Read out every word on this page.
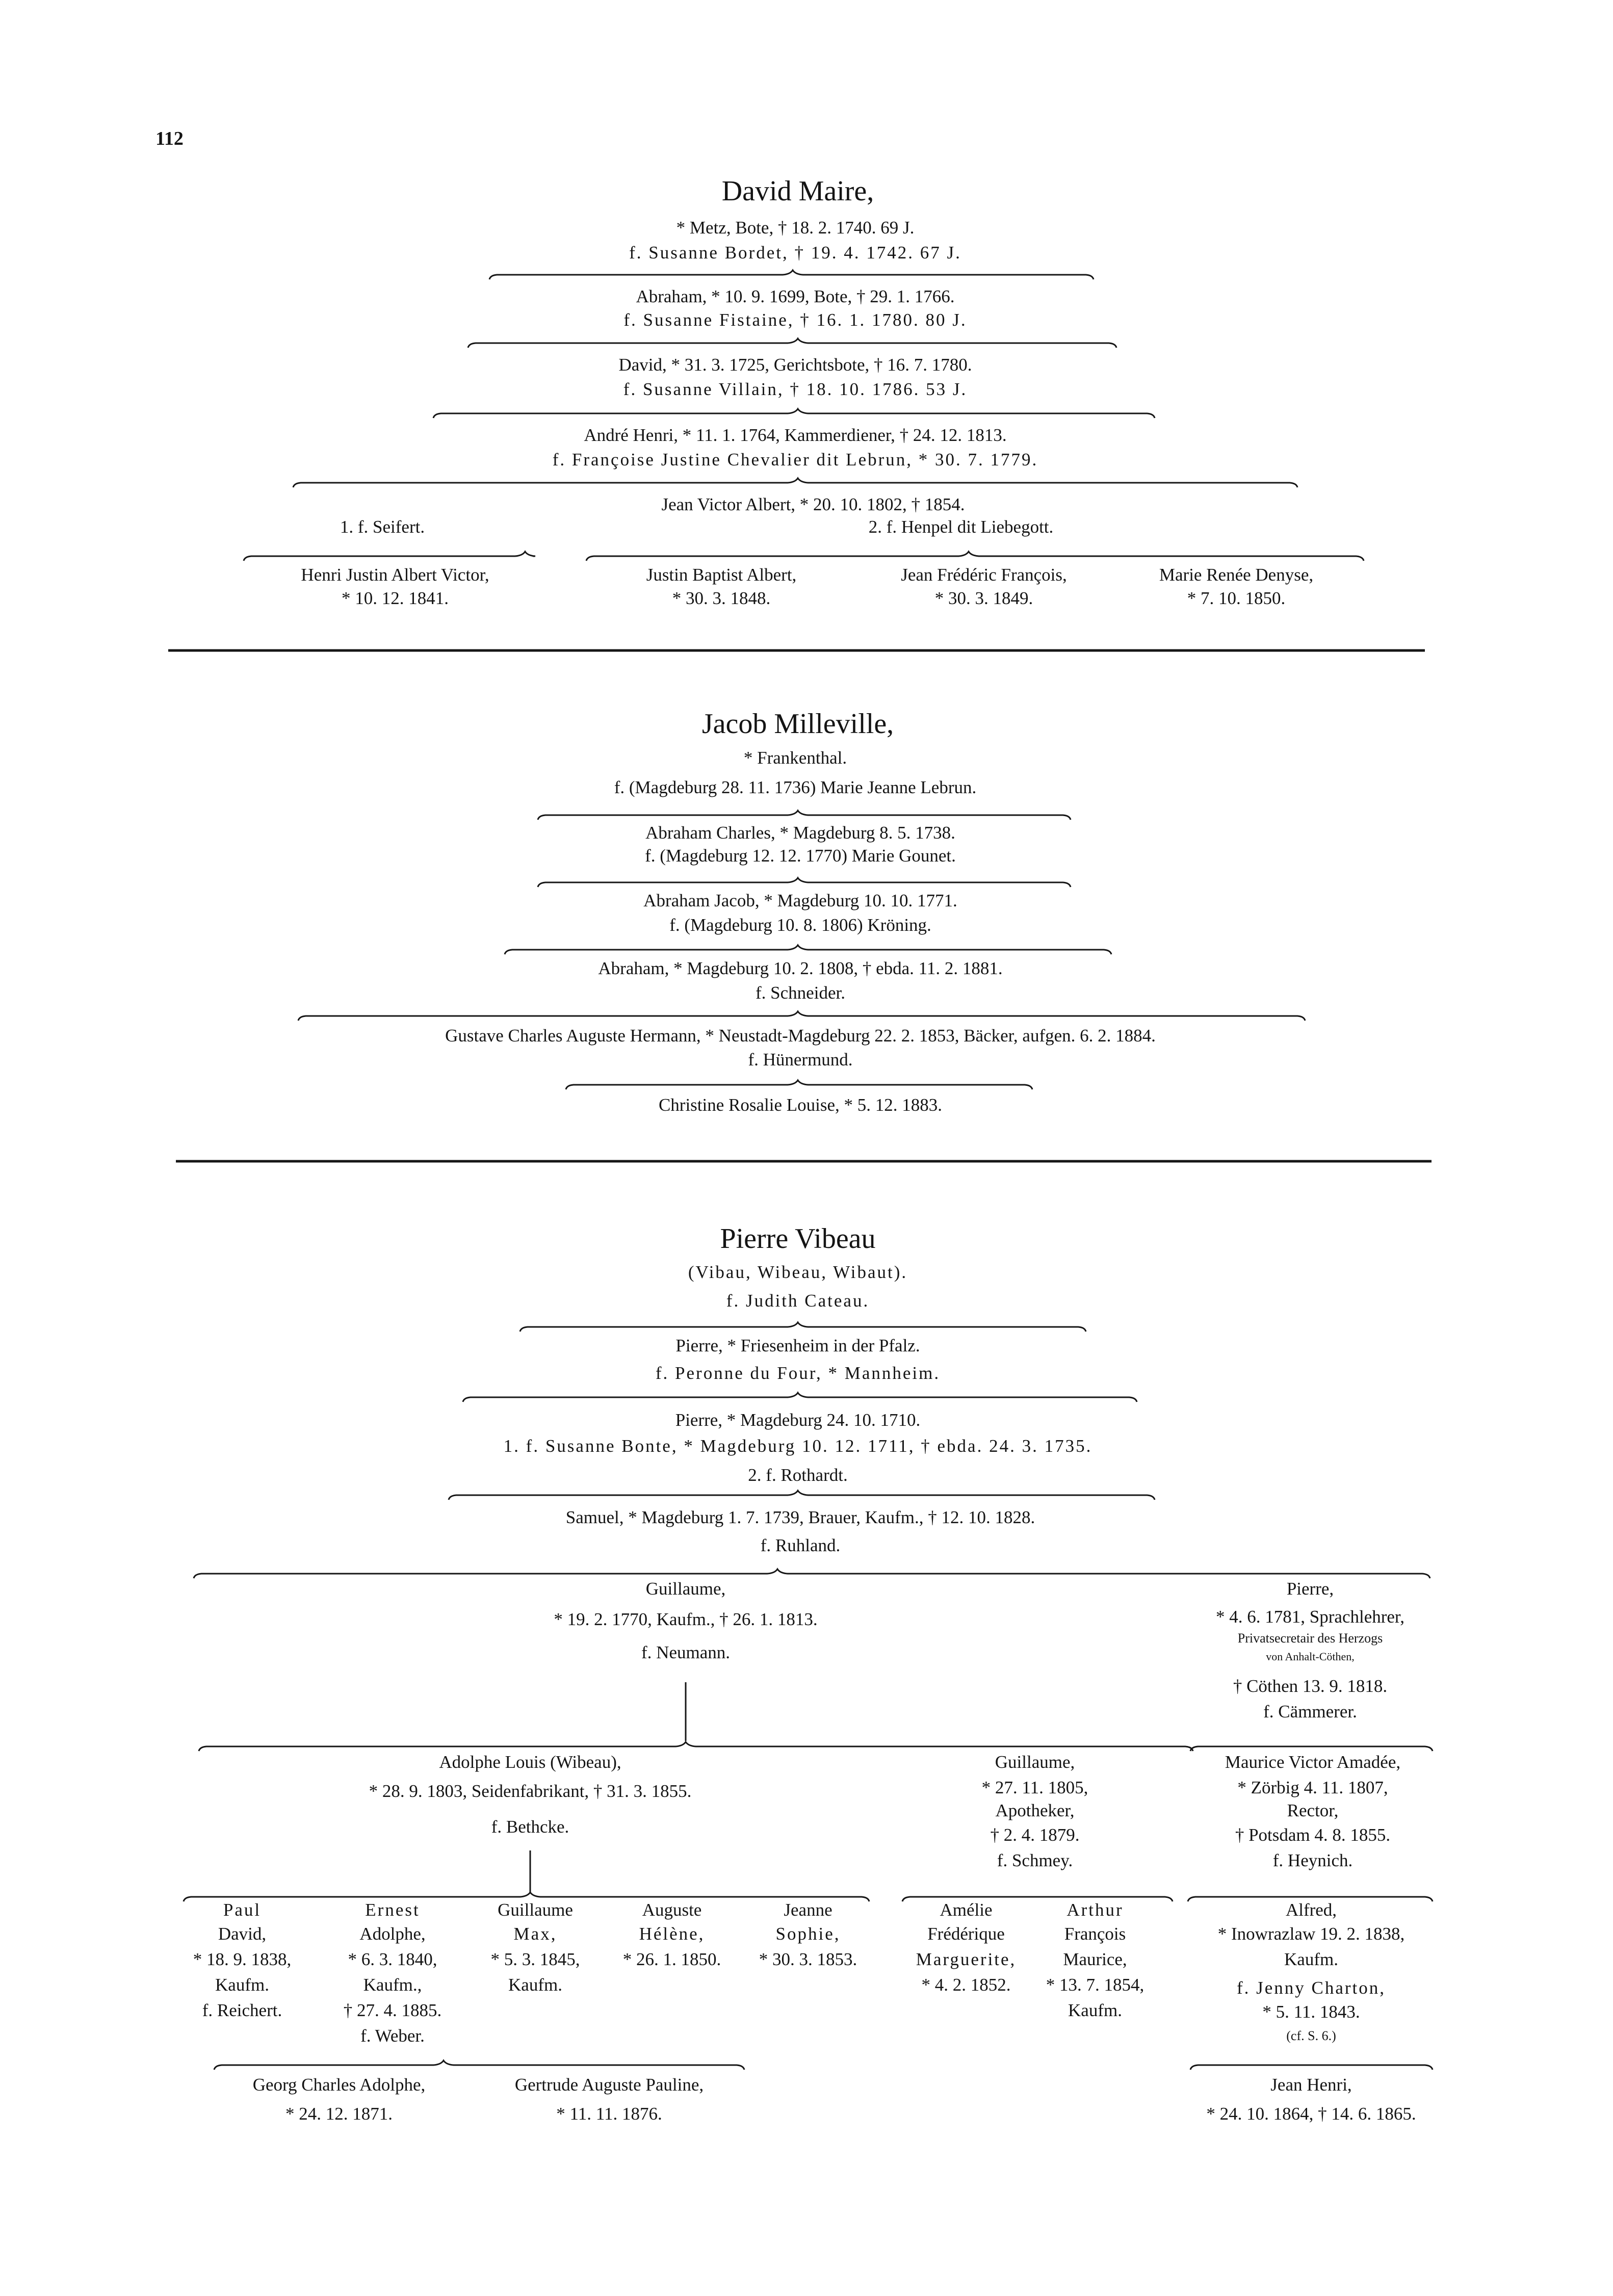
112
David Maire,
* Metz, Bote, † 18. 2. 1740. 69 J.
f. Susanne Bordet, † 19. 4. 1742. 67 J.
Abraham, * 10. 9. 1699, Bote, † 29. 1. 1766.
f. Susanne Fistaine, † 16. 1. 1780. 80 J.
David, * 31. 3. 1725, Gerichtsbote, † 16. 7. 1780.
f. Susanne Villain, † 18. 10. 1786. 53 J.
André Henri, * 11. 1. 1764, Kammerdiener, † 24. 12. 1813.
f. Françoise Justine Chevalier dit Lebrun, * 30. 7. 1779.
Jean Victor Albert, * 20. 10. 1802, † 1854.
1. f. Seifert.	2. f. Henpel dit Liebegott.
Henri Justin Albert Victor,
* 10. 12. 1841.
Justin Baptist Albert,
* 30. 3. 1848.
Jean Frédéric François,
* 30. 3. 1849.
Marie Renée Denyse,
* 7. 10. 1850.
Jacob Milleville,
* Frankenthal.
f. (Magdeburg 28. 11. 1736) Marie Jeanne Lebrun.
Abraham Charles, * Magdeburg 8. 5. 1738.
f. (Magdeburg 12. 12. 1770) Marie Gounet.
Abraham Jacob, * Magdeburg 10. 10. 1771.
f. (Magdeburg 10. 8. 1806) Kröning.
Abraham, * Magdeburg 10. 2. 1808, † ebda. 11. 2. 1881.
f. Schneider.
Gustave Charles Auguste Hermann, * Neustadt-Magdeburg 22. 2. 1853, Bäcker, aufgen. 6. 2. 1884.
f. Hünermund.
Christine Rosalie Louise, * 5. 12. 1883.
Pierre Vibeau
(Vibau, Wibeau, Wibaut).
f. Judith Cateau.
Pierre, * Friesenheim in der Pfalz.
f. Peronne du Four, * Mannheim.
Pierre, * Magdeburg 24. 10. 1710.
1. f. Susanne Bonte, * Magdeburg 10. 12. 1711, † ebda. 24. 3. 1735.
2. f. Rothardt.
Samuel, * Magdeburg 1. 7. 1739, Brauer, Kaufm., † 12. 10. 1828.
f. Ruhland.
Guillaume,
* 19. 2. 1770, Kaufm., † 26. 1. 1813.
f. Neumann.
Pierre,
* 4. 6. 1781, Sprachlehrer,
Privatsecretair des Herzogs
von Anhalt-Cöthen,
† Cöthen 13. 9. 1818.
f. Cämmerer.
Adolphe Louis (Wibeau),
* 28. 9. 1803, Seidenfabrikant, † 31. 3. 1855.
f. Bethcke.
Guillaume,
* 27. 11. 1805,
Apotheker,
† 2. 4. 1879.
f. Schmey.
Maurice Victor Amadée,
* Zörbig 4. 11. 1807,
Rector,
† Potsdam 4. 8. 1855.
f. Heynich.
Paul
David,
* 18. 9. 1838,
Kaufm.
f. Reichert.
Ernest
Adolphe,
* 6. 3. 1840,
Kaufm.,
† 27. 4. 1885.
f. Weber.
Guillaume
Max,
* 5. 3. 1845,
Kaufm.
Auguste
Hélène,
* 26. 1. 1850.
Jeanne
Sophie,
* 30. 3. 1853.
Amélie
Frédérique
Marguerite,
* 4. 2. 1852.
Arthur
François
Maurice,
* 13. 7. 1854,
Kaufm.
Alfred,
* Inowrazlaw 19. 2. 1838,
Kaufm.
f. Jenny Charton,
* 5. 11. 1843.
(cf. S. 6.)
Georg Charles Adolphe,
* 24. 12. 1871.
Gertrude Auguste Pauline,
* 11. 11. 1876.
Jean Henri,
* 24. 10. 1864, † 14. 6. 1865.
